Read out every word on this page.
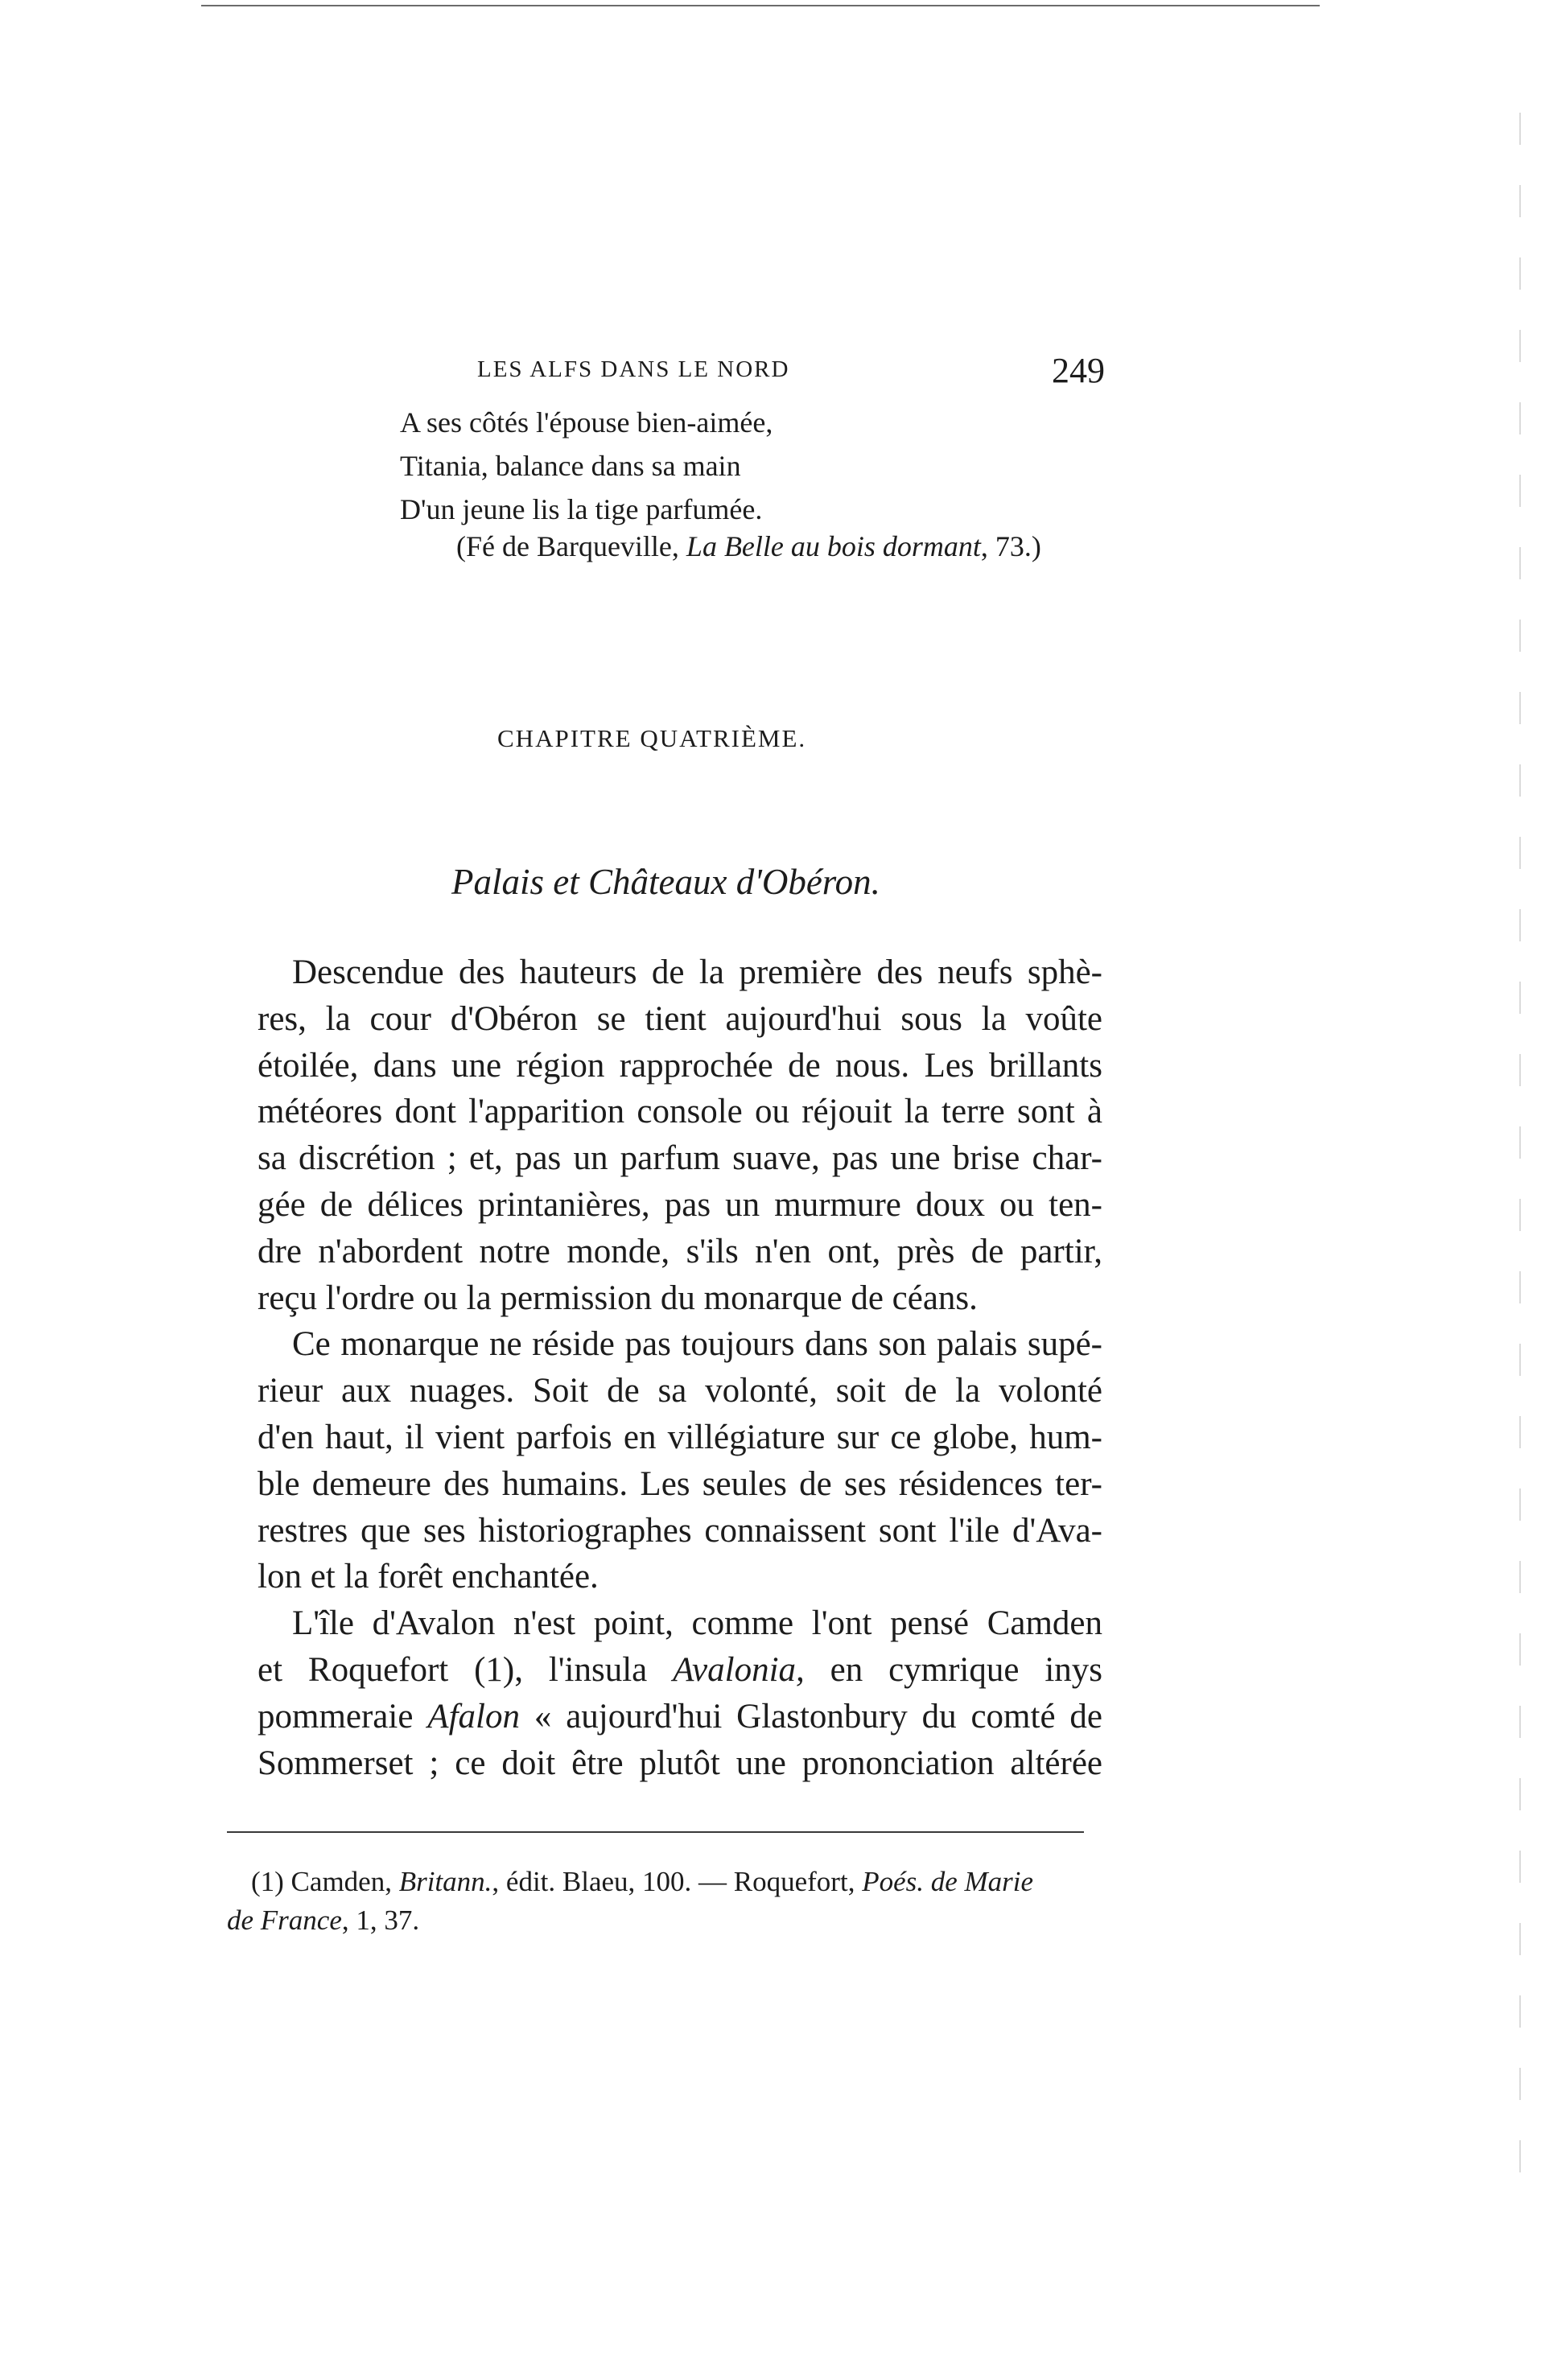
LES ALFS DANS LE NORD	249
A ses côtés l'épouse bien-aimée,
Titania, balance dans sa main
D'un jeune lis la tige parfumée.
(Fé de Barqueville, La Belle au bois dormant, 73.)
CHAPITRE QUATRIÈME.
Palais et Châteaux d'Obéron.

Descendue des hauteurs de la première des neufs sphè-
res, la cour d'Obéron se tient aujourd'hui sous la voûte
étoilée, dans une région rapprochée de nous. Les brillants
météores dont l'apparition console ou réjouit la terre sont à
sa discrétion ; et, pas un parfum suave, pas une brise char-
gée de délices printanières, pas un murmure doux ou ten-
dre n'abordent notre monde, s'ils n'en ont, près de partir,
reçu l'ordre ou la permission du monarque de céans.

Ce monarque ne réside pas toujours dans son palais supé-
rieur aux nuages. Soit de sa volonté, soit de la volonté
d'en haut, il vient parfois en villégiature sur ce globe, hum-
ble demeure des humains. Les seules de ses résidences ter-
restres que ses historiographes connaissent sont l'ile d'Ava-
lon et la forêt enchantée.

L'île d'Avalon n'est point, comme l'ont pensé Camden
et Roquefort (1), l'insula Avalonia, en cymrique inys
pommeraie Afalon « aujourd'hui Glastonbury du comté de
Sommerset ; ce doit être plutôt une prononciation altérée

(1) Camden, Britann., édit. Blaeu, 100. — Roquefort, Poés. de Marie
de France, 1, 37.
